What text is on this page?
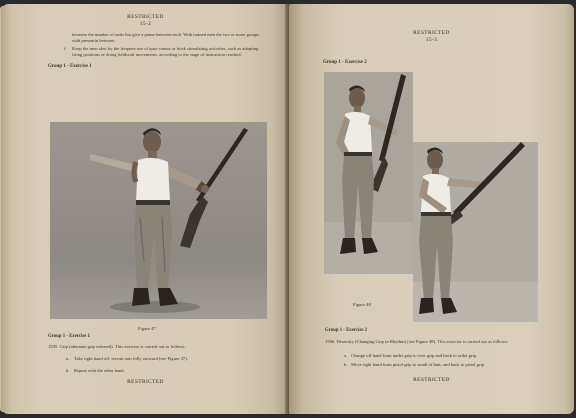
RESTRICTED
15-2
increase the number of units but give a pause between each. With trained men the two or more groups with presentin between.
f. Keep the men alert by the frequent use of quiz-counts or brisk stimulating activities, such as adopting firing positions or doing fieldcraft movements, according to the stage of instruction reached.
Group 1 - Exercise 1
Figure 47
Group 1 - Exercise 1
1505. Grip (alternate grip released). This exercise is carried out as follows:
a. Take right hand off, recruit arm fully outward (see Figure 47).
b. Repeat with the other hand.
RESTRICTED
RESTRICTED
15-3
Group 1 - Exercise 2
Figure 48
Group 1 - Exercise 2
1506. Dexterity (Changing Grip in Rhythm) (see Figure 48). This exercise is carried out as follows:
a. Change off hand from under grip to over grip and back to order grip.
b. Move right hand from pistol grip to small of butt, and back to pistol grip.
RESTRICTED
